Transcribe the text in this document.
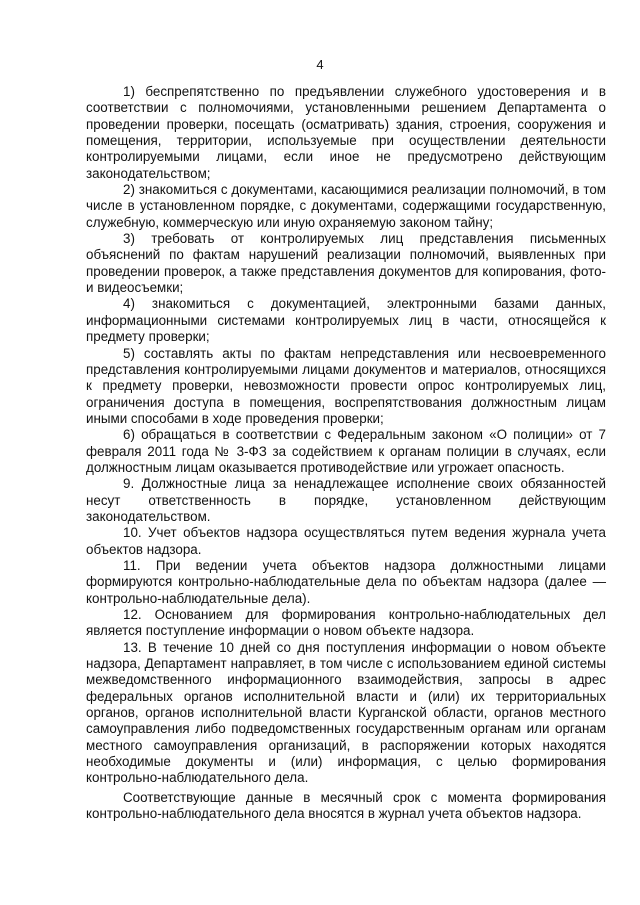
4

1) беспрепятственно по предъявлении служебного удостоверения и в соответствии с полномочиями, установленными решением Департамента о проведении проверки, посещать (осматривать) здания, строения, сооружения и помещения, территории, используемые при осуществлении деятельности контролируемыми лицами, если иное не предусмотрено действующим законодательством;

2) знакомиться с документами, касающимися реализации полномочий, в том числе в установленном порядке, с документами, содержащими государственную, служебную, коммерческую или иную охраняемую законом тайну;

3) требовать от контролируемых лиц представления письменных объяснений по фактам нарушений реализации полномочий, выявленных при проведении проверок, а также представления документов для копирования, фото- и видеосъемки;

4) знакомиться с документацией, электронными базами данных, информационными системами контролируемых лиц в части, относящейся к предмету проверки;

5) составлять акты по фактам непредставления или несвоевременного представления контролируемыми лицами документов и материалов, относящихся к предмету проверки, невозможности провести опрос контролируемых лиц, ограничения доступа в помещения, воспрепятствования должностным лицам иными способами в ходе проведения проверки;

6) обращаться в соответствии с Федеральным законом «О полиции» от 7 февраля 2011 года № 3-ФЗ за содействием к органам полиции в случаях, если должностным лицам оказывается противодействие или угрожает опасность.

9. Должностные лица за ненадлежащее исполнение своих обязанностей несут ответственность в порядке, установленном действующим законодательством.

10. Учет объектов надзора осуществляться путем ведения журнала учета объектов надзора.

11. При ведении учета объектов надзора должностными лицами формируются контрольно-наблюдательные дела по объектам надзора (далее — контрольно-наблюдательные дела).

12. Основанием для формирования контрольно-наблюдательных дел является поступление информации о новом объекте надзора.

13. В течение 10 дней со дня поступления информации о новом объекте надзора, Департамент направляет, в том числе с использованием единой системы межведомственного информационного взаимодействия, запросы в адрес федеральных органов исполнительной власти и (или) их территориальных органов, органов исполнительной власти Курганской области, органов местного самоуправления либо подведомственных государственным органам или органам местного самоуправления организаций, в распоряжении которых находятся необходимые документы и (или) информация, с целью формирования контрольно-наблюдательного дела.

Соответствующие данные в месячный срок с момента формирования контрольно-наблюдательного дела вносятся в журнал учета объектов надзора.
